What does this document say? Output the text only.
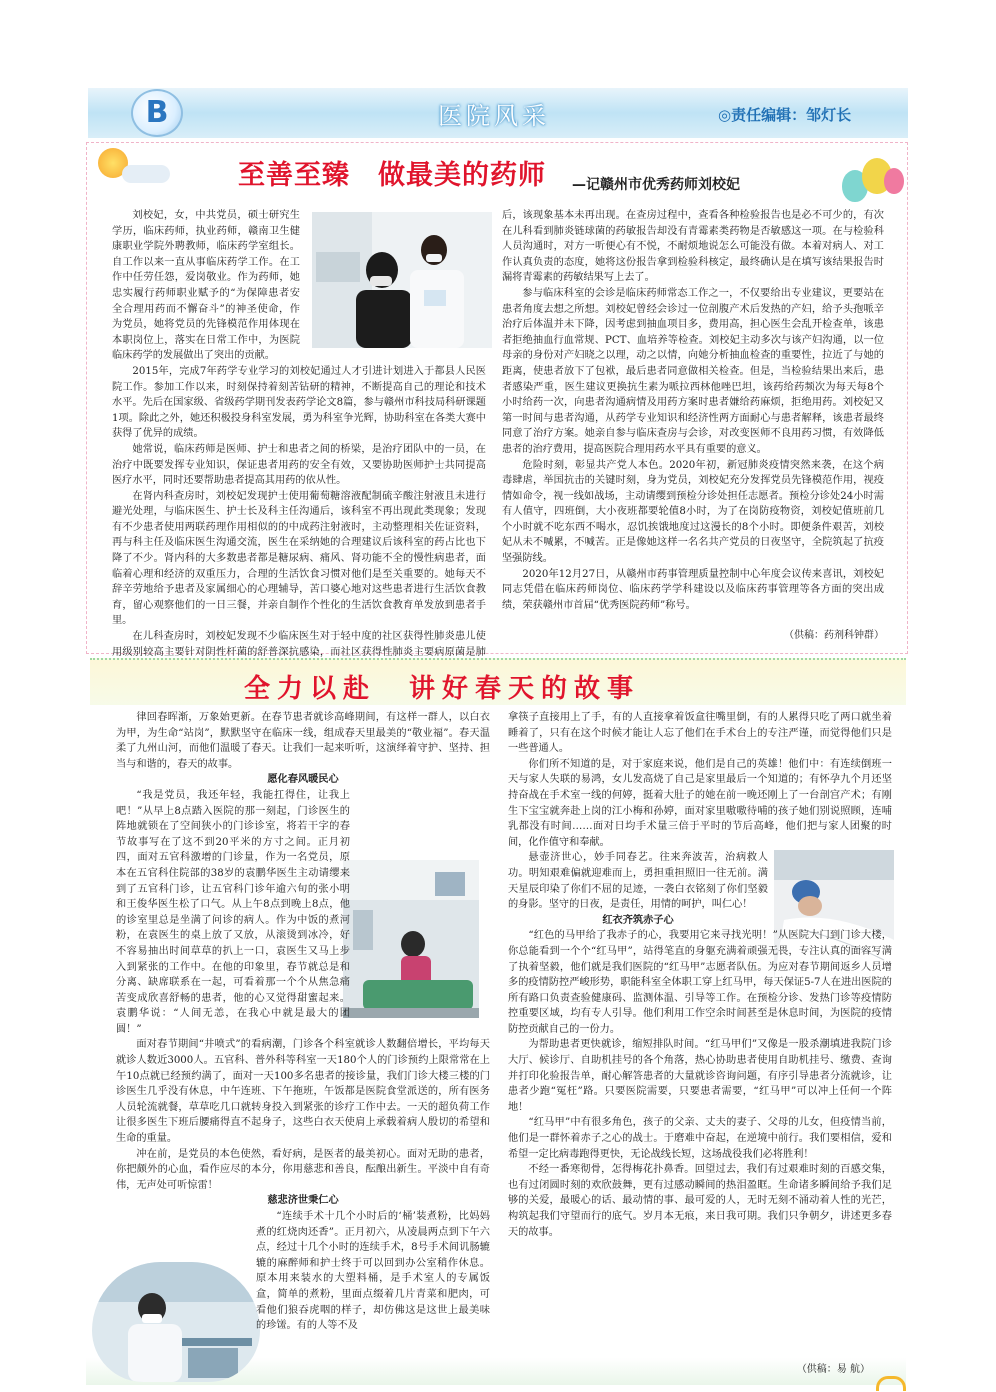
B	医院风采	◎责任编辑：邹灯长
至善至臻　做最美的药师 —记赣州市优秀药师刘校妃

刘校妃，女，中共党员，硕士研究生学历，临床药师，执业药师，赣南卫生健康职业学院外聘教师，临床药学室组长。自工作以来一直从事临床药学工作。在工作中任劳任怨，爱岗敬业。作为药师，她忠实履行药师职业赋予的“为保障患者安全合理用药而不懈奋斗”的神圣使命，作为党员，她将党员的先锋模范作用体现在本职岗位上，落实在日常工作中，为医院临床药学的发展做出了突出的贡献。

2015年，完成7年药学专业学习的刘校妃通过人才引进计划进入于都县人民医院工作。参加工作以来，时刻保持着刻苦钻研的精神，不断提高自己的理论和技术水平。先后在国家级、省级药学期刊发表药学论文8篇，参与赣州市科技局科研课题1项。除此之外，她还积极投身科室发展，勇为科室争光辉，协助科室在各类大赛中获得了优异的成绩。

她常说，临床药师是医师、护士和患者之间的桥梁，是治疗团队中的一员，在治疗中既要发挥专业知识，保证患者用药的安全有效，又要协助医师护士共同提高医疗水平，同时还要帮助患者提高其用药的依从性。

在肾内科查房时，刘校妃发现护士使用葡萄糖溶液配制硫辛酸注射液且未进行避光处理，与临床医生、护士长及科主任沟通后，该科室不再出现此类现象；发现有不少患者使用两联药理作用相似的的中成药注射液时，主动整理相关佐证资料，再与科主任及临床医生沟通交流，医生在采纳她的合理建议后该科室的药占比也下降了不少。肾内科的大多数患者都是糖尿病、痛风、肾功能不全的慢性病患者，面临着心理和经济的双重压力，合理的生活饮食习惯对他们是至关重要的。她每天不辞辛劳地给予患者及家属细心的心理辅导，苦口婆心地对这些患者进行生活饮食教育，留心观察他们的一日三餐，并亲自制作个性化的生活饮食教育单发放到患者手里。

在儿科查房时，刘校妃发现不少临床医生对于轻中度的社区获得性肺炎患儿使用级别较高主要针对阴性杆菌的舒普深抗感染，而社区获得性肺炎主要病原菌是肺

后，该现象基本未再出现。在查房过程中，查看各种检验报告也是必不可少的，有次在儿科看到肺炎链球菌的药敏报告却没有青霉素类药物是否敏感这一项。在与检验科人员沟通时，对方一听便心有不悦，不耐烦地说怎么可能没有做。本着对病人、对工作认真负责的态度，她将这份报告拿到检验科核定，最终确认是在填写该结果报告时漏将青霉素的药敏结果写上去了。

参与临床科室的会诊是临床药师常态工作之一，不仅要给出专业建议，更要站在患者角度去想之所想。刘校妃曾经会诊过一位剖腹产术后发热的产妇，给予头孢哌辛治疗后体温并未下降，因考虑到抽血项目多，费用高，担心医生会乱开检查单，该患者拒绝抽血行血常规、PCT、血培养等检查。刘校妃主动多次与该产妇沟通，以一位母亲的身份对产妇晓之以理，动之以情，向她分析抽血检查的重要性，拉近了与她的距离，使患者放下了包袱，最后患者同意做相关检查。但是，当检验结果出来后，患者感染严重，医生建议更换抗生素为哌拉西林他唑巴坦，该药给药频次为每天每8个小时给药一次，向患者沟通病情及用药方案时患者嫌给药麻烦，拒绝用药。刘校妃又第一时间与患者沟通，从药学专业知识和经济性两方面耐心与患者解释，该患者最终同意了治疗方案。她亲自参与临床查房与会诊，对改变医师不良用药习惯，有效降低患者的治疗费用，提高医院合理用药水平具有重要的意义。

危险时刻，彰显共产党人本色。2020年初，新冠肺炎疫情突然来袭，在这个病毒肆虐，举国抗击的关键时刻，身为党员，刘校妃充分发挥党员先锋模范作用，视疫情如命令，视一线如战场，主动请缨到预检分诊处担任志愿者。预检分诊处24小时需有人值守，四班倒，大小夜班都要轮值8小时，为了在岗防疫物资，刘校妃值班前几个小时就不吃东西不喝水，忍饥挨饿地度过这漫长的8个小时。即便条件艰苦，刘校妃从未不喊累，不喊苦。正是像她这样一名名共产党员的日夜坚守，全院筑起了抗疫坚强防线。

2020年12月27日，从赣州市药事管理质量控制中心年度会议传来喜讯，刘校妃同志凭借在临床药师岗位、临床药学学科建设以及临床药事管理等各方面的突出成绩，荣获赣州市首届“优秀医院药师”称号。

（供稿：药剂科钟群）
全力以赴　讲好春天的故事

律回春晖渐，万象始更新。在春节患者就诊高峰期间，有这样一群人，以白衣为甲，为生命“站岗”，默默坚守在临床一线，组成春天里最美的“敬业福”。春天温柔了九州山河，而他们温暖了春天。让我们一起来听听，这演绎着守护、坚持、担当与和谐的，春天的故事。

愿化春风暖民心

“我是党员，我还年轻，我能扛得住，让我上吧！”从早上8点踏入医院的那一刻起，门诊医生的阵地就锁在了空间狭小的门诊诊室，将若干字的春节故事写在了这不到20平米的方寸之间。正月初四，面对五官科激增的门诊量，作为一名党员，原本在五官科住院部的38岁的袁鹏华医生主动请缨来到了五官科门诊，让五官科门诊年逾六旬的张小明和王俊华医生松了口气。从上午8点到晚上8点，他的诊室里总是坐满了问诊的病人。作为中饭的煮河粉，在袁医生的桌上放了又放，从滚烫到冰冷，好不容易抽出时间草草的扒上一口，袁医生又马上步入到紧张的工作中。在他的印象里，春节就总是和分离、缺席联系在一起，可看着那一个个从焦急痛苦变成欣喜舒畅的患者，他的心又觉得甜蜜起来。袁鹏华说：“人间无恙，在我心中就是最大的团圆！”

面对春节期间“井喷式”的看病潮，门诊各个科室就诊人数翻倍增长，平均每天就诊人数近3000人。五官科、普外科等科室一天180个人的门诊预约上限常常在上午10点就已经预约满了，面对一天100多名患者的接诊量，我们门诊大楼三楼的门诊医生几乎没有休息，中午连班、下午拖班，午饭都是医院食堂派送的，所有医务人员轮流就餐，草草吃几口就转身投入到紧张的诊疗工作中去。一天的超负荷工作让很多医生下班后腰痛得直不起身子，这些白衣天使肩上承载着病人殷切的希望和生命的重量。

冲在前，是党员的本色使然，看好病，是医者的最美初心。面对无助的患者，你把颇外的心血，看作应尽的本分，你用慈悲和善良，酝酿出新生。平淡中自有奇伟，无声处可听惊雷！

慈悲济世秉仁心

“连续手术十几个小时后的‘桶’装煮粉，比妈妈煮的红烧肉还香”。正月初六，从凌晨两点到下午六点，经过十几个小时的连续手术，8号手术间讥肠辘辘的麻醉师和护士终于可以回到办公室稍作休息。原本用来装水的大塑料桶，是手术室人的专属饭盒，简单的煮粉，里面点缀着几片青菜和肥肉，可看他们狼吞虎咽的样子，却仿佛这是这世上最美味的珍馐。有的人等不及

拿筷子直接用上了手，有的人直接拿着饭盒往嘴里倒，有的人累得只吃了两口就坐着睡着了，只有在这个时候才能让人忘了他们在手术台上的专注严谨，而觉得他们只是一些普通人。

你们所不知道的是，对于家庭来说，他们是自己的英雄！他们中：有连续倒班一天与家人失联的易鸿，女儿发高烧了自己是家里最后一个知道的；有怀孕九个月还坚持奋战在手术室一线的何婷，挺着大肚子的她在前一晚还刚上了一台剖宫产术；有刚生下宝宝就奔赴上岗的江小梅和孙婷，面对家里嗷嗷待哺的孩子她们别说照顾，连哺乳都没有时间……面对日均手术量三倍于平时的节后高峰，他们把与家人团聚的时间，化作值守和奉献。

悬壶济世心，妙手同春艺。往来奔波苦，治病救人功。明知艰难偏就迎难而上，勇担重担照旧一往无前。满天星辰印染了你们不屈的足迹，一袭白衣铭刻了你们坚毅的身影。坚守的日夜，是责任，用情的呵护，叫仁心！

红衣齐筑赤子心

“红色的马甲给了我赤子的心，我要用它来寻找光明！”从医院大门到门诊大楼，你总能看到一个个“红马甲”，站得笔直的身躯充满着顽强无畏，专注认真的面容写满了执着坚毅，他们就是我们医院的“红马甲”志愿者队伍。为应对春节期间返乡人员增多的疫情防控严峻形势，职能科室全体职工穿上红马甲，每天保证5-7人在进出医院的所有路口负责查验健康码、监测体温、引导等工作。在预检分诊、发热门诊等疫情防控重要区域，均有专人引导。他们利用工作空余时间甚至是休息时间，为医院的疫情防控贡献自己的一份力。

为帮助患者更快就诊，缩短排队时间。“红马甲们”又像是一股杀潮填进我院门诊大厅、候诊厅、自助机挂号的各个角落，热心协助患者使用自助机挂号、缴费、查询并打印化验报告单，耐心解答患者的大量就诊咨询问题，有序引导患者分流就诊，让患者少跑“冤枉”路。只要医院需要，只要患者需要，“红马甲”可以冲上任何一个阵地！

“红马甲”中有很多角色，孩子的父亲、丈夫的妻子、父母的儿女，但疫情当前，他们是一群怀着赤子之心的战士。于磨难中奋起，在逆境中前行。我们要相信，爱和希望一定比病毒跑得更快，无论战线长短，这场战役我们必将胜利！

不经一番寒彻骨，怎得梅花扑鼻香。回望过去，我们有过艰难时刻的百感交集，也有过闭圆时刻的欢欣鼓舞，更有过感动瞬间的热泪盈眶。生命诸多瞬间给予我们足够的关爱，最暖心的话、最动情的事、最可爱的人，无时无刻不涌动着人性的光芒，构筑起我们守望而行的底气。岁月本无痕，来日我可期。我们只争朝夕，讲述更多春天的故事。

（供稿：易 航）
